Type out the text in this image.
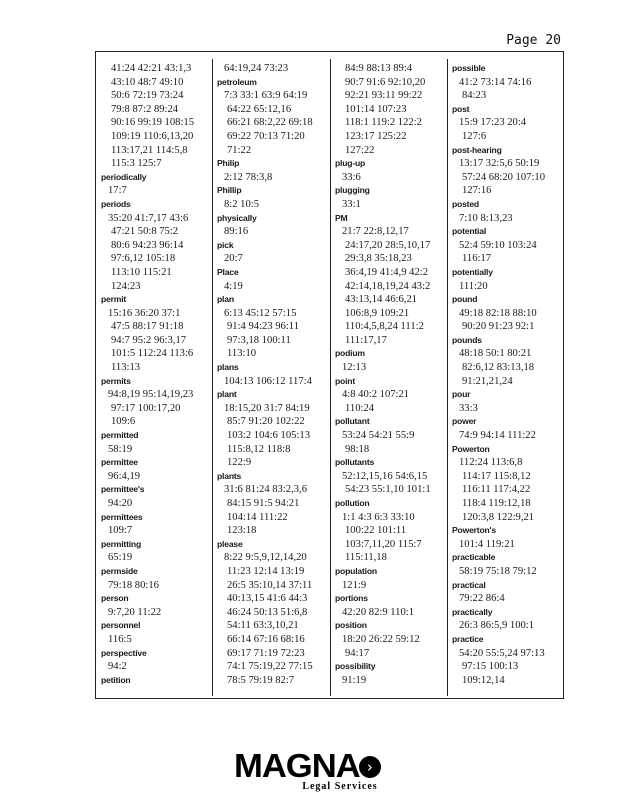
Page 20
41:24 42:21 43:1,3
43:10 48:7 49:10
50:6 72:19 73:24
79:8 87:2 89:24
90:16 99:19 108:15
109:19 110:6,13,20
113:17,21 114:5,8
115:3 125:7
periodically
17:7
periods
35:20 41:7,17 43:6
47:21 50:8 75:2
80:6 94:23 96:14
97:6,12 105:18
113:10 115:21
124:23
permit
15:16 36:20 37:1
47:5 88:17 91:18
94:7 95:2 96:3,17
101:5 112:24 113:6
113:13
permits
94:8,19 95:14,19,23
97:17 100:17,20
109:6
permitted
58:19
permittee
96:4,19
permittee's
94:20
permittees
109:7
permitting
65:19
permside
79:18 80:16
person
9:7,20 11:22
personnel
116:5
perspective
94:2
petition
64:19,24 73:23
petroleum
7:3 33:1 63:9 64:19
64:22 65:12,16
66:21 68:2,22 69:18
69:22 70:13 71:20
71:22
Philip
2:12 78:3,8
Phillip
8:2 10:5
physically
89:16
pick
20:7
Place
4:19
plan
6:13 45:12 57:15
91:4 94:23 96:11
97:3,18 100:11
113:10
plans
104:13 106:12 117:4
plant
18:15,20 31:7 84:19
85:7 91:20 102:22
103:2 104:6 105:13
115:8,12 118:8
122:9
plants
31:6 81:24 83:2,3,6
84:15 91:5 94:21
104:14 111:22
123:18
please
8:22 9:5,9,12,14,20
11:23 12:14 13:19
26:5 35:10,14 37:11
40:13,15 41:6 44:3
46:24 50:13 51:6,8
54:11 63:3,10,21
66:14 67:16 68:16
69:17 71:19 72:23
74:1 75:19,22 77:15
78:5 79:19 82:7
84:9 88:13 89:4
90:7 91:6 92:10,20
92:21 93:11 99:22
101:14 107:23
118:1 119:2 122:2
123:17 125:22
127:22
plug-up
33:6
plugging
33:1
PM
21:7 22:8,12,17
24:17,20 28:5,10,17
29:3,8 35:18,23
36:4,19 41:4,9 42:2
42:14,18,19,24 43:2
43:13,14 46:6,21
106:8,9 109:21
110:4,5,8,24 111:2
111:17,17
podium
12:13
point
4:8 40:2 107:21
110:24
pollutant
53:24 54:21 55:9
98:18
pollutants
52:12,15,16 54:6,15
54:23 55:1,10 101:1
pollution
1:1 4:3 6:3 33:10
100:22 101:11
103:7,11,20 115:7
115:11,18
population
121:9
portions
42:20 82:9 110:1
position
18:20 26:22 59:12
94:17
possibility
91:19
possible
41:2 73:14 74:16
84:23
post
15:9 17:23 20:4
127:6
post-hearing
13:17 32:5,6 50:19
57:24 68:20 107:10
127:16
posted
7:10 8:13,23
potential
52:4 59:10 103:24
116:17
potentially
111:20
pound
49:18 82:18 88:10
90:20 91:23 92:1
pounds
48:18 50:1 80:21
82:6,12 83:13,18
91:21,21,24
pour
33:3
power
74:9 94:14 111:22
Powerton
112:24 113:6,8
114:17 115:8,12
116:11 117:4,22
118:4 119:12,18
120:3,8 122:9,21
Powerton's
101:4 119:21
practicable
58:19 75:18 79:12
practical
79:22 86:4
practically
26:3 86:5,9 100:1
practice
54:20 55:5,24 97:13
97:15 100:13
109:12,14
MAGNA ›
Legal Services
